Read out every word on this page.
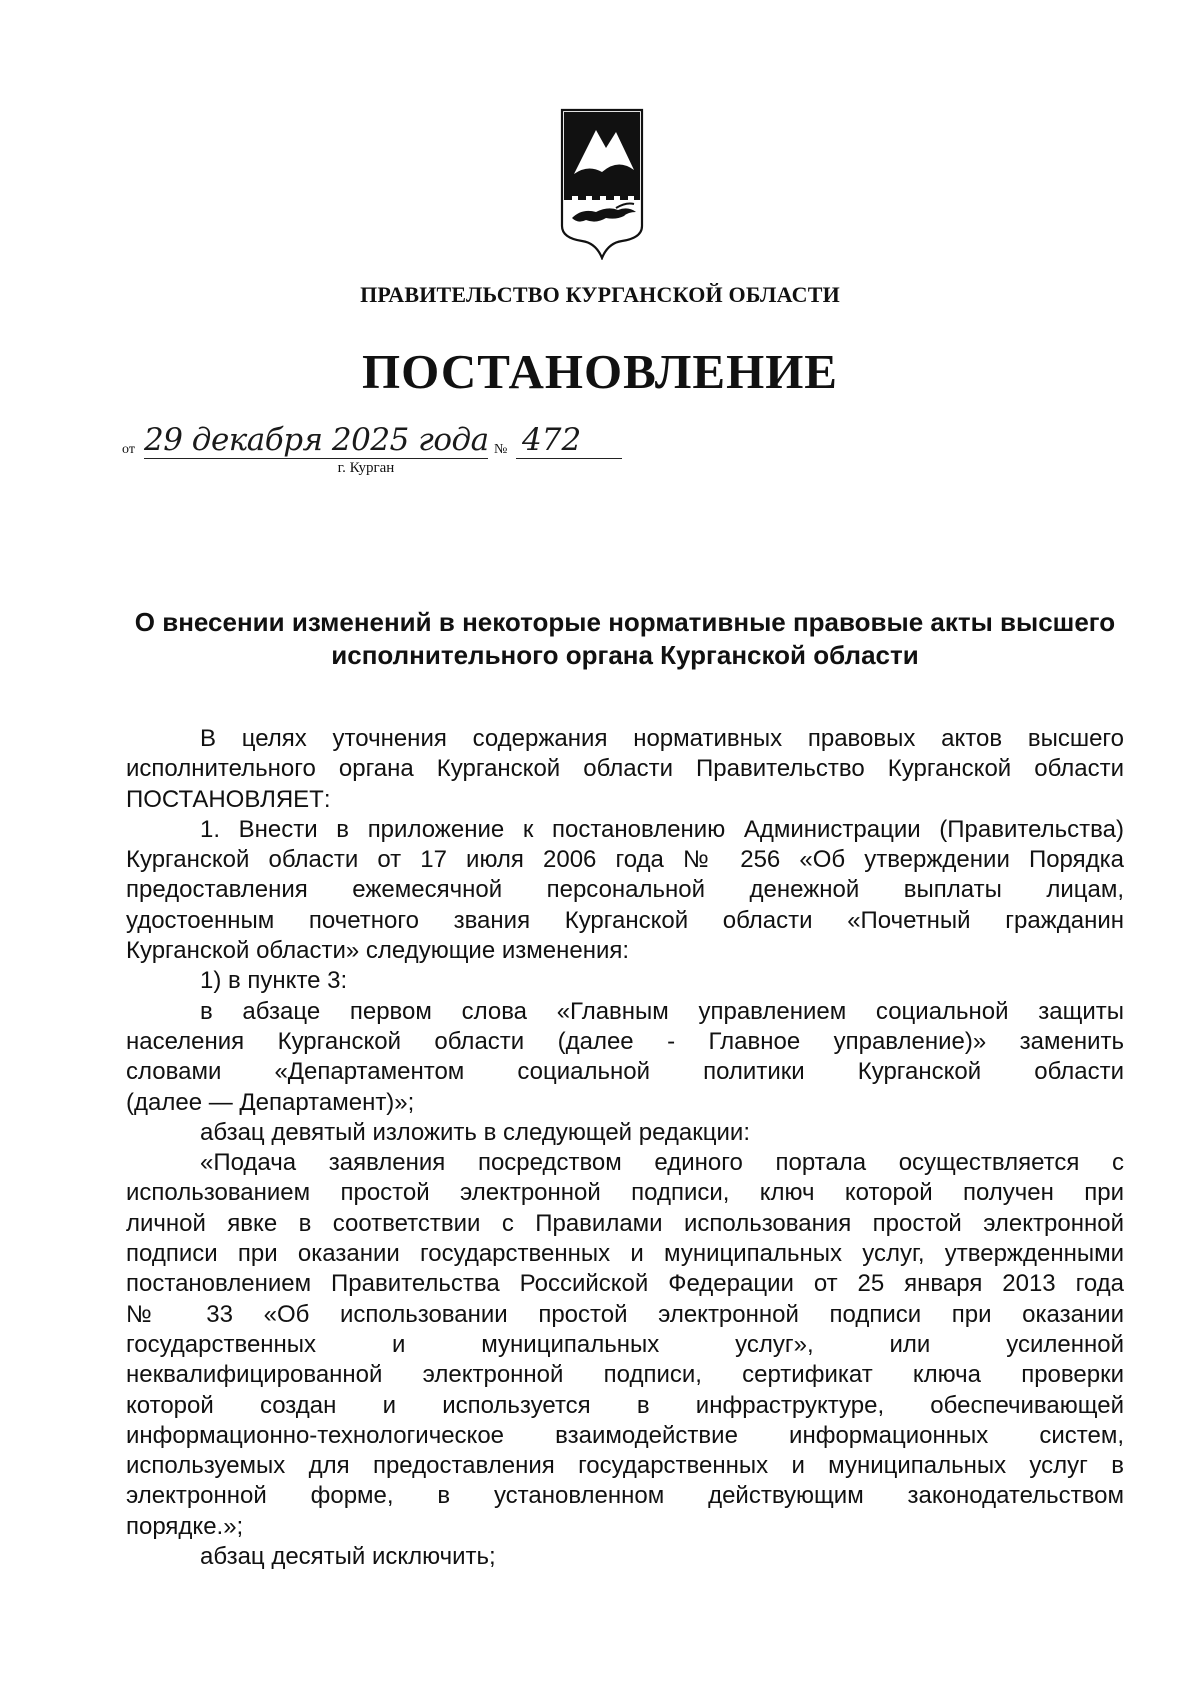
ПРАВИТЕЛЬСТВО КУРГАНСКОЙ ОБЛАСТИ
ПОСТАНОВЛЕНИЕ
от 29 декабря 2025 года № 472
г. Курган
О внесении изменений в некоторые нормативные правовые акты высшего
исполнительного органа Курганской области
В целях уточнения содержания нормативных правовых актов высшего
исполнительного органа Курганской области Правительство Курганской области
ПОСТАНОВЛЯЕТ:
1. Внести в приложение к постановлению Администрации (Правительства)
Курганской области от 17 июля 2006 года № 256 «Об утверждении Порядка
предоставления ежемесячной персональной денежной выплаты лицам,
удостоенным почетного звания Курганской области «Почетный гражданин
Курганской области» следующие изменения:
1) в пункте 3:
в абзаце первом слова «Главным управлением социальной защиты
населения Курганской области (далее - Главное управление)» заменить
словами «Департаментом социальной политики Курганской области
(далее — Департамент)»;
абзац девятый изложить в следующей редакции:
«Подача заявления посредством единого портала осуществляется с
использованием простой электронной подписи, ключ которой получен при
личной явке в соответствии с Правилами использования простой электронной
подписи при оказании государственных и муниципальных услуг, утвержденными
постановлением Правительства Российской Федерации от 25 января 2013 года
№ 33 «Об использовании простой электронной подписи при оказании
государственных и муниципальных услуг», или усиленной
неквалифицированной электронной подписи, сертификат ключа проверки
которой создан и используется в инфраструктуре, обеспечивающей
информационно-технологическое взаимодействие информационных систем,
используемых для предоставления государственных и муниципальных услуг в
электронной форме, в установленном действующим законодательством
порядке.»;
абзац десятый исключить;
